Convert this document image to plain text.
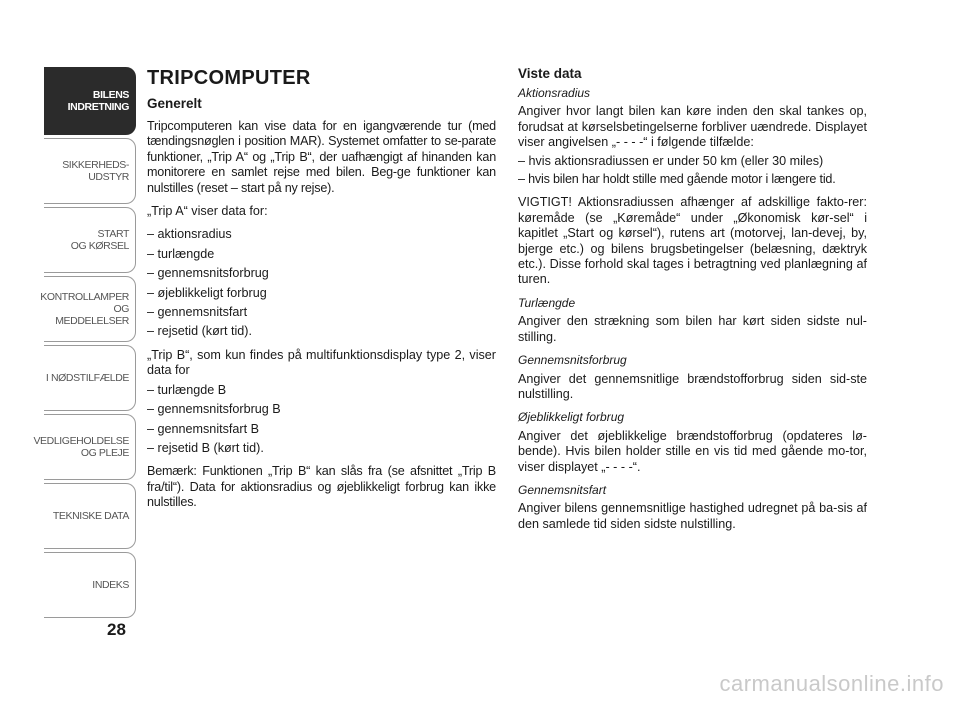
BILENS
INDRETNING
SIKKERHEDS-
UDSTYR
START
OG KØRSEL
KONTROLLAMPER
OG MEDDELELSER
I NØDSTILFÆLDE
VEDLIGEHOLDELSE
OG PLEJE
TEKNISKE DATA
INDEKS
28
TRIPCOMPUTER
Generelt

Tripcomputeren kan vise data for en igangværende tur (med tændingsnøglen i position MAR). Systemet omfatter to se-parate funktioner, „Trip A“ og „Trip B“, der uafhængigt af hinanden kan monitorere en samlet rejse med bilen. Beg-ge funktioner kan nulstilles (reset – start på ny rejse).

„Trip A“ viser data for:

– aktionsradius
– turlængde
– gennemsnitsforbrug
– øjeblikkeligt forbrug
– gennemsnitsfart
– rejsetid (kørt tid).

„Trip B“, som kun findes på multifunktionsdisplay type 2, viser data for

– turlængde B
– gennemsnitsforbrug B
– gennemsnitsfart B
– rejsetid B (kørt tid).

Bemærk: Funktionen „Trip B“ kan slås fra (se afsnittet „Trip B fra/til“). Data for aktionsradius og øjeblikkeligt forbrug kan ikke nulstilles.

Viste data
Aktionsradius

Angiver hvor langt bilen kan køre inden den skal tankes op, forudsat at kørselsbetingelserne forbliver uændrede. Displayet viser angivelsen „- - - -“ i følgende tilfælde:

– hvis aktionsradiussen er under 50 km (eller 30 miles)
– hvis bilen har holdt stille med gående motor i længere tid.

VIGTIGT! Aktionsradiussen afhænger af adskillige fakto-rer: køremåde (se „Køremåde“ under „Økonomisk kør-sel“ i kapitlet „Start og kørsel“), rutens art (motorvej, lan-devej, by, bjerge etc.) og bilens brugsbetingelser (belæsning, dæktryk etc.). Disse forhold skal tages i betragtning ved planlægning af turen.

Turlængde

Angiver den strækning som bilen har kørt siden sidste nul-stilling.

Gennemsnitsforbrug

Angiver det gennemsnitlige brændstofforbrug siden sid-ste nulstilling.

Øjeblikkeligt forbrug

Angiver det øjeblikkelige brændstofforbrug (opdateres lø-bende). Hvis bilen holder stille en vis tid med gående mo-tor, viser displayet „- - - -“.

Gennemsnitsfart

Angiver bilens gennemsnitlige hastighed udregnet på ba-sis af den samlede tid siden sidste nulstilling.

carmanualsonline.info
